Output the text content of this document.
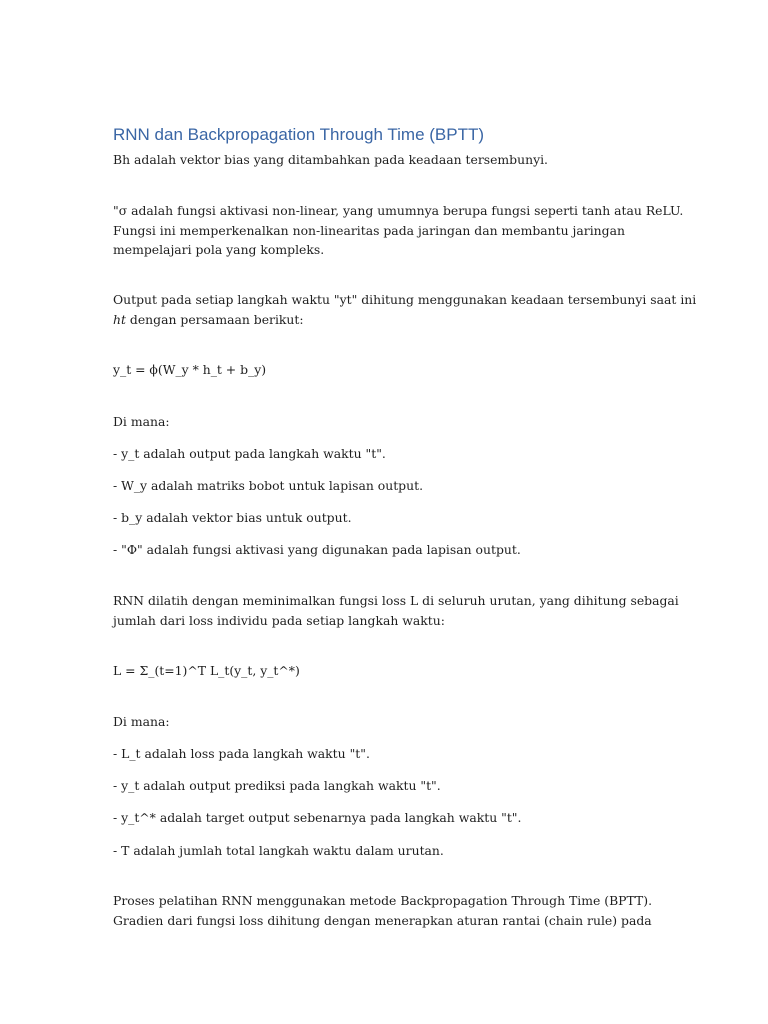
RNN dan Backpropagation Through Time (BPTT)

Bh adalah vektor bias yang ditambahkan pada keadaan tersembunyi.

"σ adalah fungsi aktivasi non-linear, yang umumnya berupa fungsi seperti tanh atau ReLU.
Fungsi ini memperkenalkan non-linearitas pada jaringan dan membantu jaringan
mempelajari pola yang kompleks.

Output pada setiap langkah waktu "yt" dihitung menggunakan keadaan tersembunyi saat ini
ht dengan persamaan berikut:

y_t = ϕ(W_y * h_t + b_y)

Di mana:

- y_t adalah output pada langkah waktu "t".

- W_y adalah matriks bobot untuk lapisan output.

- b_y adalah vektor bias untuk output.

- "Φ" adalah fungsi aktivasi yang digunakan pada lapisan output.

RNN dilatih dengan meminimalkan fungsi loss L di seluruh urutan, yang dihitung sebagai
jumlah dari loss individu pada setiap langkah waktu:

L = Σ_(t=1)^T L_t(y_t, y_t^*)

Di mana:

- L_t adalah loss pada langkah waktu "t".

- y_t adalah output prediksi pada langkah waktu "t".

- y_t^* adalah target output sebenarnya pada langkah waktu "t".

- T adalah jumlah total langkah waktu dalam urutan.

Proses pelatihan RNN menggunakan metode Backpropagation Through Time (BPTT).
Gradien dari fungsi loss dihitung dengan menerapkan aturan rantai (chain rule) pada
